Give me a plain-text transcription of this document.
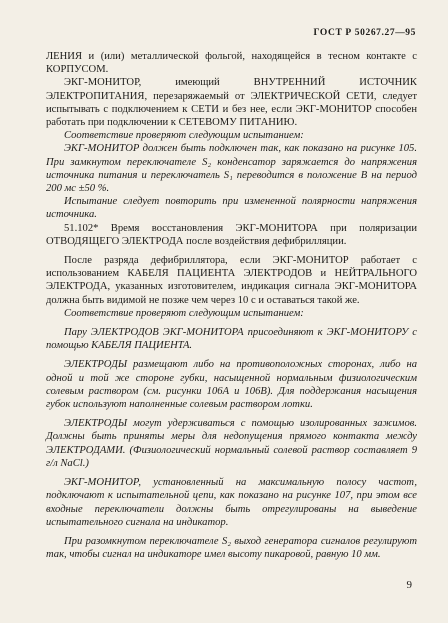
ГОСТ Р 50267.27—95

ЛЕНИЯ и (или) металлической фольгой, находящейся в тесном контакте с КОРПУСОМ.

ЭКГ-МОНИТОР, имеющий ВНУТРЕННИЙ ИСТОЧНИК ЭЛЕКТРОПИТАНИЯ, перезаряжаемый от ЭЛЕКТРИЧЕСКОЙ СЕТИ, следует испытывать с подключением к СЕТИ и без нее, если ЭКГ-МОНИТОР способен работать при подключении к СЕТЕВОМУ ПИТАНИЮ.

Соответствие проверяют следующим испытанием:

ЭКГ-МОНИТОР должен быть подключен так, как показано на рисунке 105. При замкнутом переключателе S₂ конденсатор заряжается до напряжения источника питания и переключатель S₁ переводится в положение B на период 200 мс ±50 %.

Испытание следует повторить при измененной полярности напряжения источника.

51.102* Время восстановления ЭКГ-МОНИТОРА при поляризации ОТВОДЯЩЕГО ЭЛЕКТРОДА после воздействия дефибрилляции.

После разряда дефибриллятора, если ЭКГ-МОНИТОР работает с использованием КАБЕЛЯ ПАЦИЕНТА ЭЛЕКТРОДОВ и НЕЙТРАЛЬНОГО ЭЛЕКТРОДА, указанных изготовителем, индикация сигнала ЭКГ-МОНИТОРА должна быть видимой не позже чем через 10 с и оставаться такой же.

Соответствие проверяют следующим испытанием:

Пару ЭЛЕКТРОДОВ ЭКГ-МОНИТОРА присоединяют к ЭКГ-МОНИТОРУ с помощью КАБЕЛЯ ПАЦИЕНТА.

ЭЛЕКТРОДЫ размещают либо на противоположных сторонах, либо на одной и той же стороне губки, насыщенной нормальным физиологическим солевым раствором (см. рисунки 106А и 106В). Для поддержания насыщения губок используют наполненные солевым раствором лотки.

ЭЛЕКТРОДЫ могут удерживаться с помощью изолированных зажимов. Должны быть приняты меры для недопущения прямого контакта между ЭЛЕКТРОДАМИ. (Физиологический нормальный солевой раствор составляет 9 г/л NaCl.)

ЭКГ-МОНИТОР, установленный на максимальную полосу частот, подключают к испытательной цепи, как показано на рисунке 107, при этом все входные переключатели должны быть отрегулированы на выведение испытательного сигнала на индикатор.

При разомкнутом переключателе S₂ выход генератора сигналов регулируют так, чтобы сигнал на индикаторе имел высоту пикаровой, равную 10 мм.

9
